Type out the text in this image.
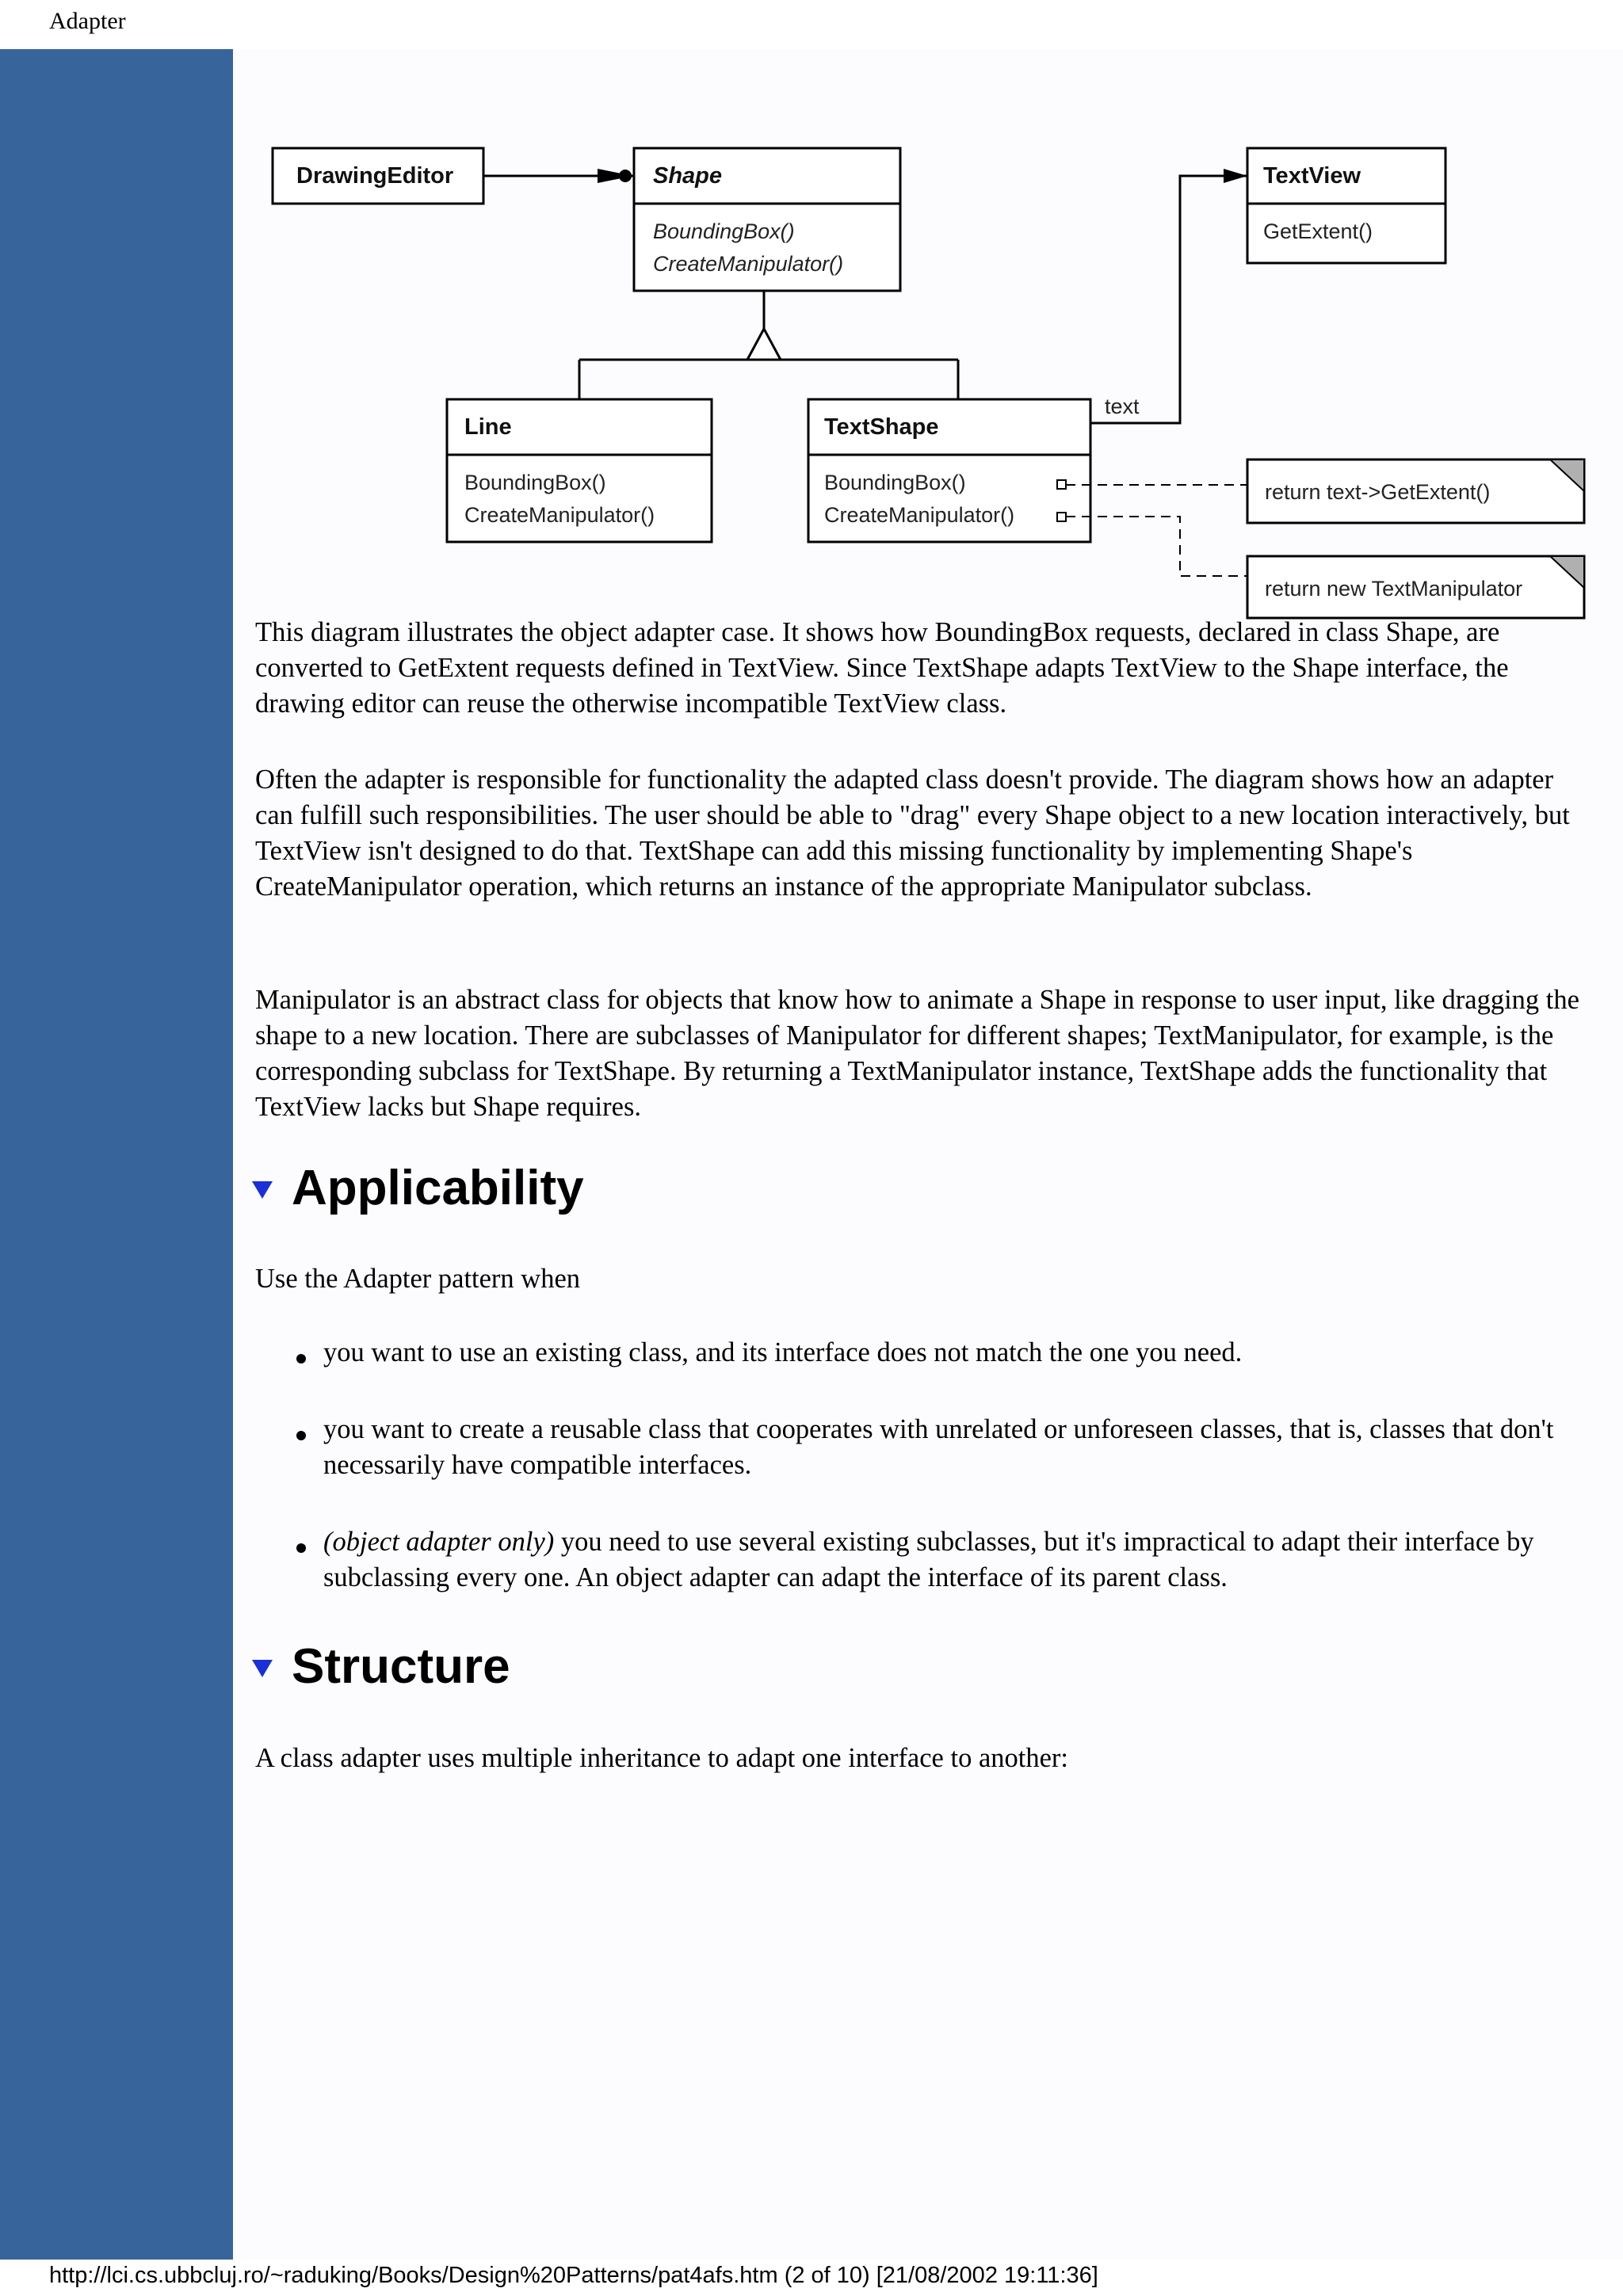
Adapter
DrawingEditor	Shape
BoundingBox()
CreateManipulator()
TextView
GetExtent()
Line
BoundingBox()
CreateManipulator()
TextShape
BoundingBox()
CreateManipulator()
text
return text->GetExtent()
return new TextManipulator

This diagram illustrates the object adapter case. It shows how BoundingBox requests, declared in class Shape, are converted to GetExtent requests defined in TextView. Since TextShape adapts TextView to the Shape interface, the drawing editor can reuse the otherwise incompatible TextView class.

Often the adapter is responsible for functionality the adapted class doesn't provide. The diagram shows how an adapter can fulfill such responsibilities. The user should be able to "drag" every Shape object to a new location interactively, but TextView isn't designed to do that. TextShape can add this missing functionality by implementing Shape's CreateManipulator operation, which returns an instance of the appropriate Manipulator subclass.

Manipulator is an abstract class for objects that know how to animate a Shape in response to user input, like dragging the shape to a new location. There are subclasses of Manipulator for different shapes; TextManipulator, for example, is the corresponding subclass for TextShape. By returning a TextManipulator instance, TextShape adds the functionality that TextView lacks but Shape requires.

Applicability

Use the Adapter pattern when

you want to use an existing class, and its interface does not match the one you need.
you want to create a reusable class that cooperates with unrelated or unforeseen classes, that is, classes that don't necessarily have compatible interfaces.
(object adapter only) you need to use several existing subclasses, but it's impractical to adapt their interface by subclassing every one. An object adapter can adapt the interface of its parent class.
Structure

A class adapter uses multiple inheritance to adapt one interface to another:

http://lci.cs.ubbcluj.ro/~raduking/Books/Design%20Patterns/pat4afs.htm (2 of 10) [21/08/2002 19:11:36]
